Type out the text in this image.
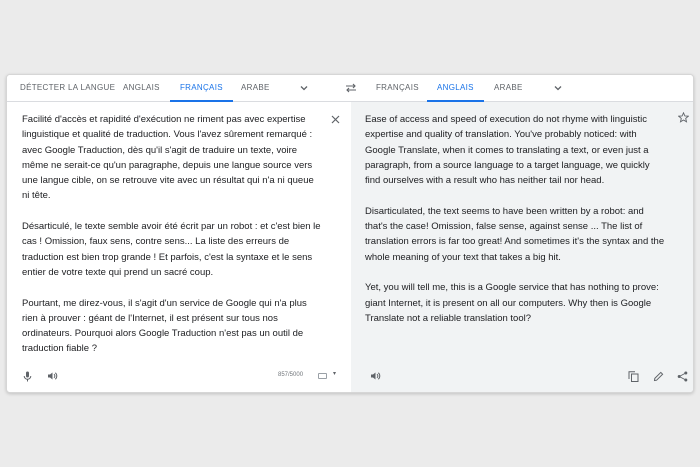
DÉTECTER LA LANGUE ANGLAIS	FRANÇAIS	ARABE	FRANÇAIS	ANGLAIS	ARABE

Facilité d'accès et rapidité d'exécution ne riment pas avec expertise linguistique et qualité de traduction. Vous l'avez sûrement remarqué : avec Google Traduction, dès qu'il s'agit de traduire un texte, voire même ne serait-ce qu'un paragraphe, depuis une langue source vers une langue cible, on se retrouve vite avec un résultat qui n'a ni queue ni tête.

Désarticulé, le texte semble avoir été écrit par un robot : et c'est bien le cas ! Omission, faux sens, contre sens... La liste des erreurs de traduction est bien trop grande ! Et parfois, c'est la syntaxe et le sens entier de votre texte qui prend un sacré coup.

Pourtant, me direz-vous, il s'agit d'un service de Google qui n'a plus rien à prouver : géant de l'Internet, il est présent sur tous nos ordinateurs. Pourquoi alors Google Traduction n'est pas un outil de traduction fiable ?

857/5000	▾

Ease of access and speed of execution do not rhyme with linguistic expertise and quality of translation. You've probably noticed: with Google Translate, when it comes to translating a text, or even just a paragraph, from a source language to a target language, we quickly find ourselves with a result who has neither tail nor head.

Disarticulated, the text seems to have been written by a robot: and that's the case! Omission, false sense, against sense ... The list of translation errors is far too great! And sometimes it's the syntax and the whole meaning of your text that takes a big hit.

Yet, you will tell me, this is a Google service that has nothing to prove: giant Internet, it is present on all our computers. Why then is Google Translate not a reliable translation tool?
